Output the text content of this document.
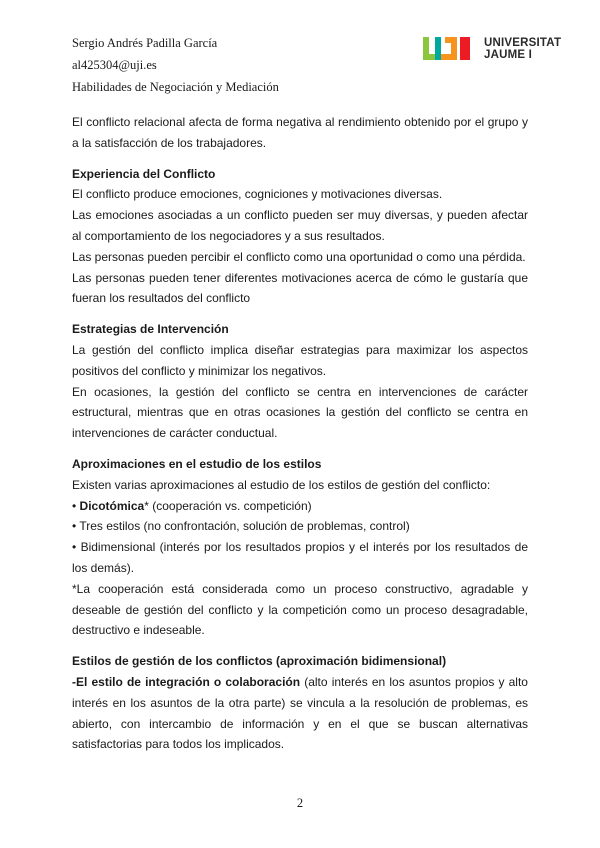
Sergio Andrés Padilla García
al425304@uji.es
Habilidades de Negociación y Mediación
UNIVERSITAT
JAUME I

El conflicto relacional afecta de forma negativa al rendimiento obtenido por el grupo y a la satisfacción de los trabajadores.

Experiencia del Conflicto

El conflicto produce emociones, cogniciones y motivaciones diversas.

Las emociones asociadas a un conflicto pueden ser muy diversas, y pueden afectar al comportamiento de los negociadores y a sus resultados.

Las personas pueden percibir el conflicto como una oportunidad o como una pérdida.

Las personas pueden tener diferentes motivaciones acerca de cómo le gustaría que fueran los resultados del conflicto

Estrategias de Intervención

La gestión del conflicto implica diseñar estrategias para maximizar los aspectos positivos del conflicto y minimizar los negativos.

En ocasiones, la gestión del conflicto se centra en intervenciones de carácter estructural, mientras que en otras ocasiones la gestión del conflicto se centra en intervenciones de carácter conductual.

Aproximaciones en el estudio de los estilos

Existen varias aproximaciones al estudio de los estilos de gestión del conflicto:

• Dicotómica* (cooperación vs. competición)

• Tres estilos (no confrontación, solución de problemas, control)

• Bidimensional (interés por los resultados propios y el interés por los resultados de los demás).

*La cooperación está considerada como un proceso constructivo, agradable y deseable de gestión del conflicto y la competición como un proceso desagradable, destructivo e indeseable.

Estilos de gestión de los conflictos (aproximación bidimensional)

-El estilo de integración o colaboración (alto interés en los asuntos propios y alto interés en los asuntos de la otra parte) se vincula a la resolución de problemas, es abierto, con intercambio de información y en el que se buscan alternativas satisfactorias para todos los implicados.

2
